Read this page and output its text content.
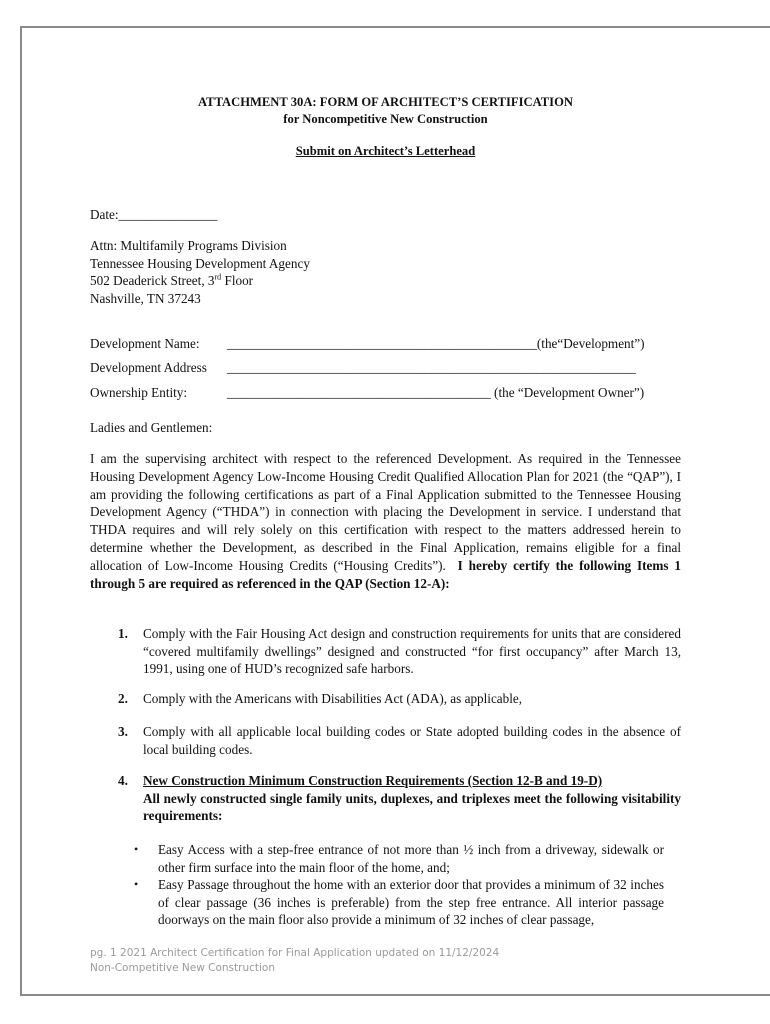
ATTACHMENT 30A: FORM OF ARCHITECT’S CERTIFICATION
for Noncompetitive New Construction
Submit on Architect’s Letterhead
Date:_______________
Attn: Multifamily Programs Division
Tennessee Housing Development Agency
502 Deaderick Street, 3rd Floor
Nashville, TN 37243
Development Name: _______________________________________________(the“Development”)
Development Address ______________________________________________________________
Ownership Entity:	________________________________________ (the “Development Owner”)
Ladies and Gentlemen:
I am the supervising architect with respect to the referenced Development. As required in the Tennessee Housing Development Agency Low-Income Housing Credit Qualified Allocation Plan for 2021 (the “QAP”), I am providing the following certifications as part of a Final Application submitted to the Tennessee Housing Development Agency (“THDA”) in connection with placing the Development in service. I understand that THDA requires and will rely solely on this certification with respect to the matters addressed herein to determine whether the Development, as described in the Final Application, remains eligible for a final allocation of Low-Income Housing Credits (“Housing Credits”). I hereby certify the following Items 1 through 5 are required as referenced in the QAP (Section 12-A):
1. Comply with the Fair Housing Act design and construction requirements for units that are considered “covered multifamily dwellings” designed and constructed “for first occupancy” after March 13, 1991, using one of HUD’s recognized safe harbors.
2. Comply with the Americans with Disabilities Act (ADA), as applicable,
3. Comply with all applicable local building codes or State adopted building codes in the absence of local building codes.
4. New Construction Minimum Construction Requirements (Section 12-B and 19-D)
All newly constructed single family units, duplexes, and triplexes meet the following visitability requirements:
• Easy Access with a step-free entrance of not more than ½ inch from a driveway, sidewalk or other firm surface into the main floor of the home, and;
• Easy Passage throughout the home with an exterior door that provides a minimum of 32 inches of clear passage (36 inches is preferable) from the step free entrance. All interior passage doorways on the main floor also provide a minimum of 32 inches of clear passage,
pg. 1 2021 Architect Certification for Final Application updated on 11/12/2024
Non-Competitive New Construction
